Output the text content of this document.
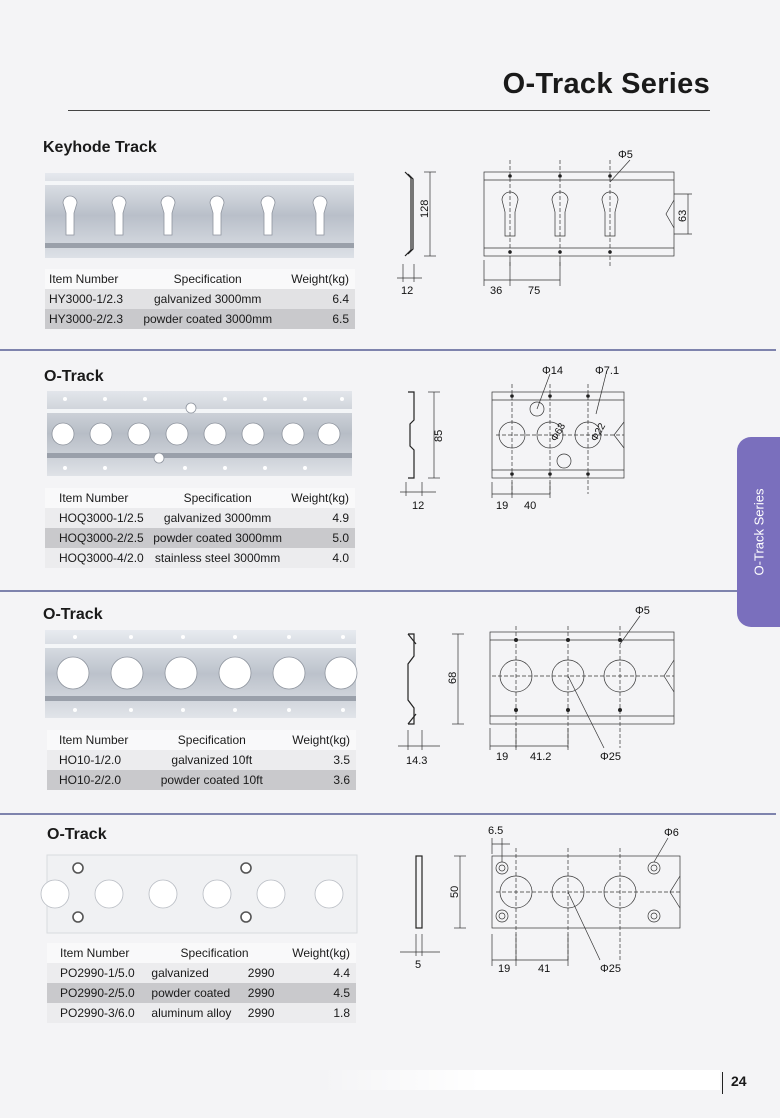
O-Track Series
Keyhode Track	Φ5
128
12	36 75
63
Item Number	Specification	Weight(kg)
HY3000-1/2.3	galvanized 3000mm	6.4
HY3000-2/2.3	powder coated 3000mm	6.5
O-Track	Φ14	Φ7.1
85
12	19 40
Φ63 Φ22
Item Number	Specification	Weight(kg)
HOQ3000-1/2.5	galvanized 3000mm	4.9
HOQ3000-2/2.5	powder coated 3000mm	5.0
HOQ3000-4/2.0	stainless steel 3000mm	4.0	O-Track Series
O-Track	Φ5
68
14.3	19 41.2	Φ25
Item Number	Specification	Weight(kg)
HO10-1/2.0	galvanized 10ft	3.5
HO10-2/2.0	powder coated 10ft	3.6
O-Track	6.5	Φ6
50
5	19	41	Φ25
Item Number	Specification		Weight(kg)
PO2990-1/5.0	galvanized	2990	4.4
PO2990-2/5.0	powder coated	2990	4.5
PO2990-3/6.0	aluminum alloy	2990	1.8
24
